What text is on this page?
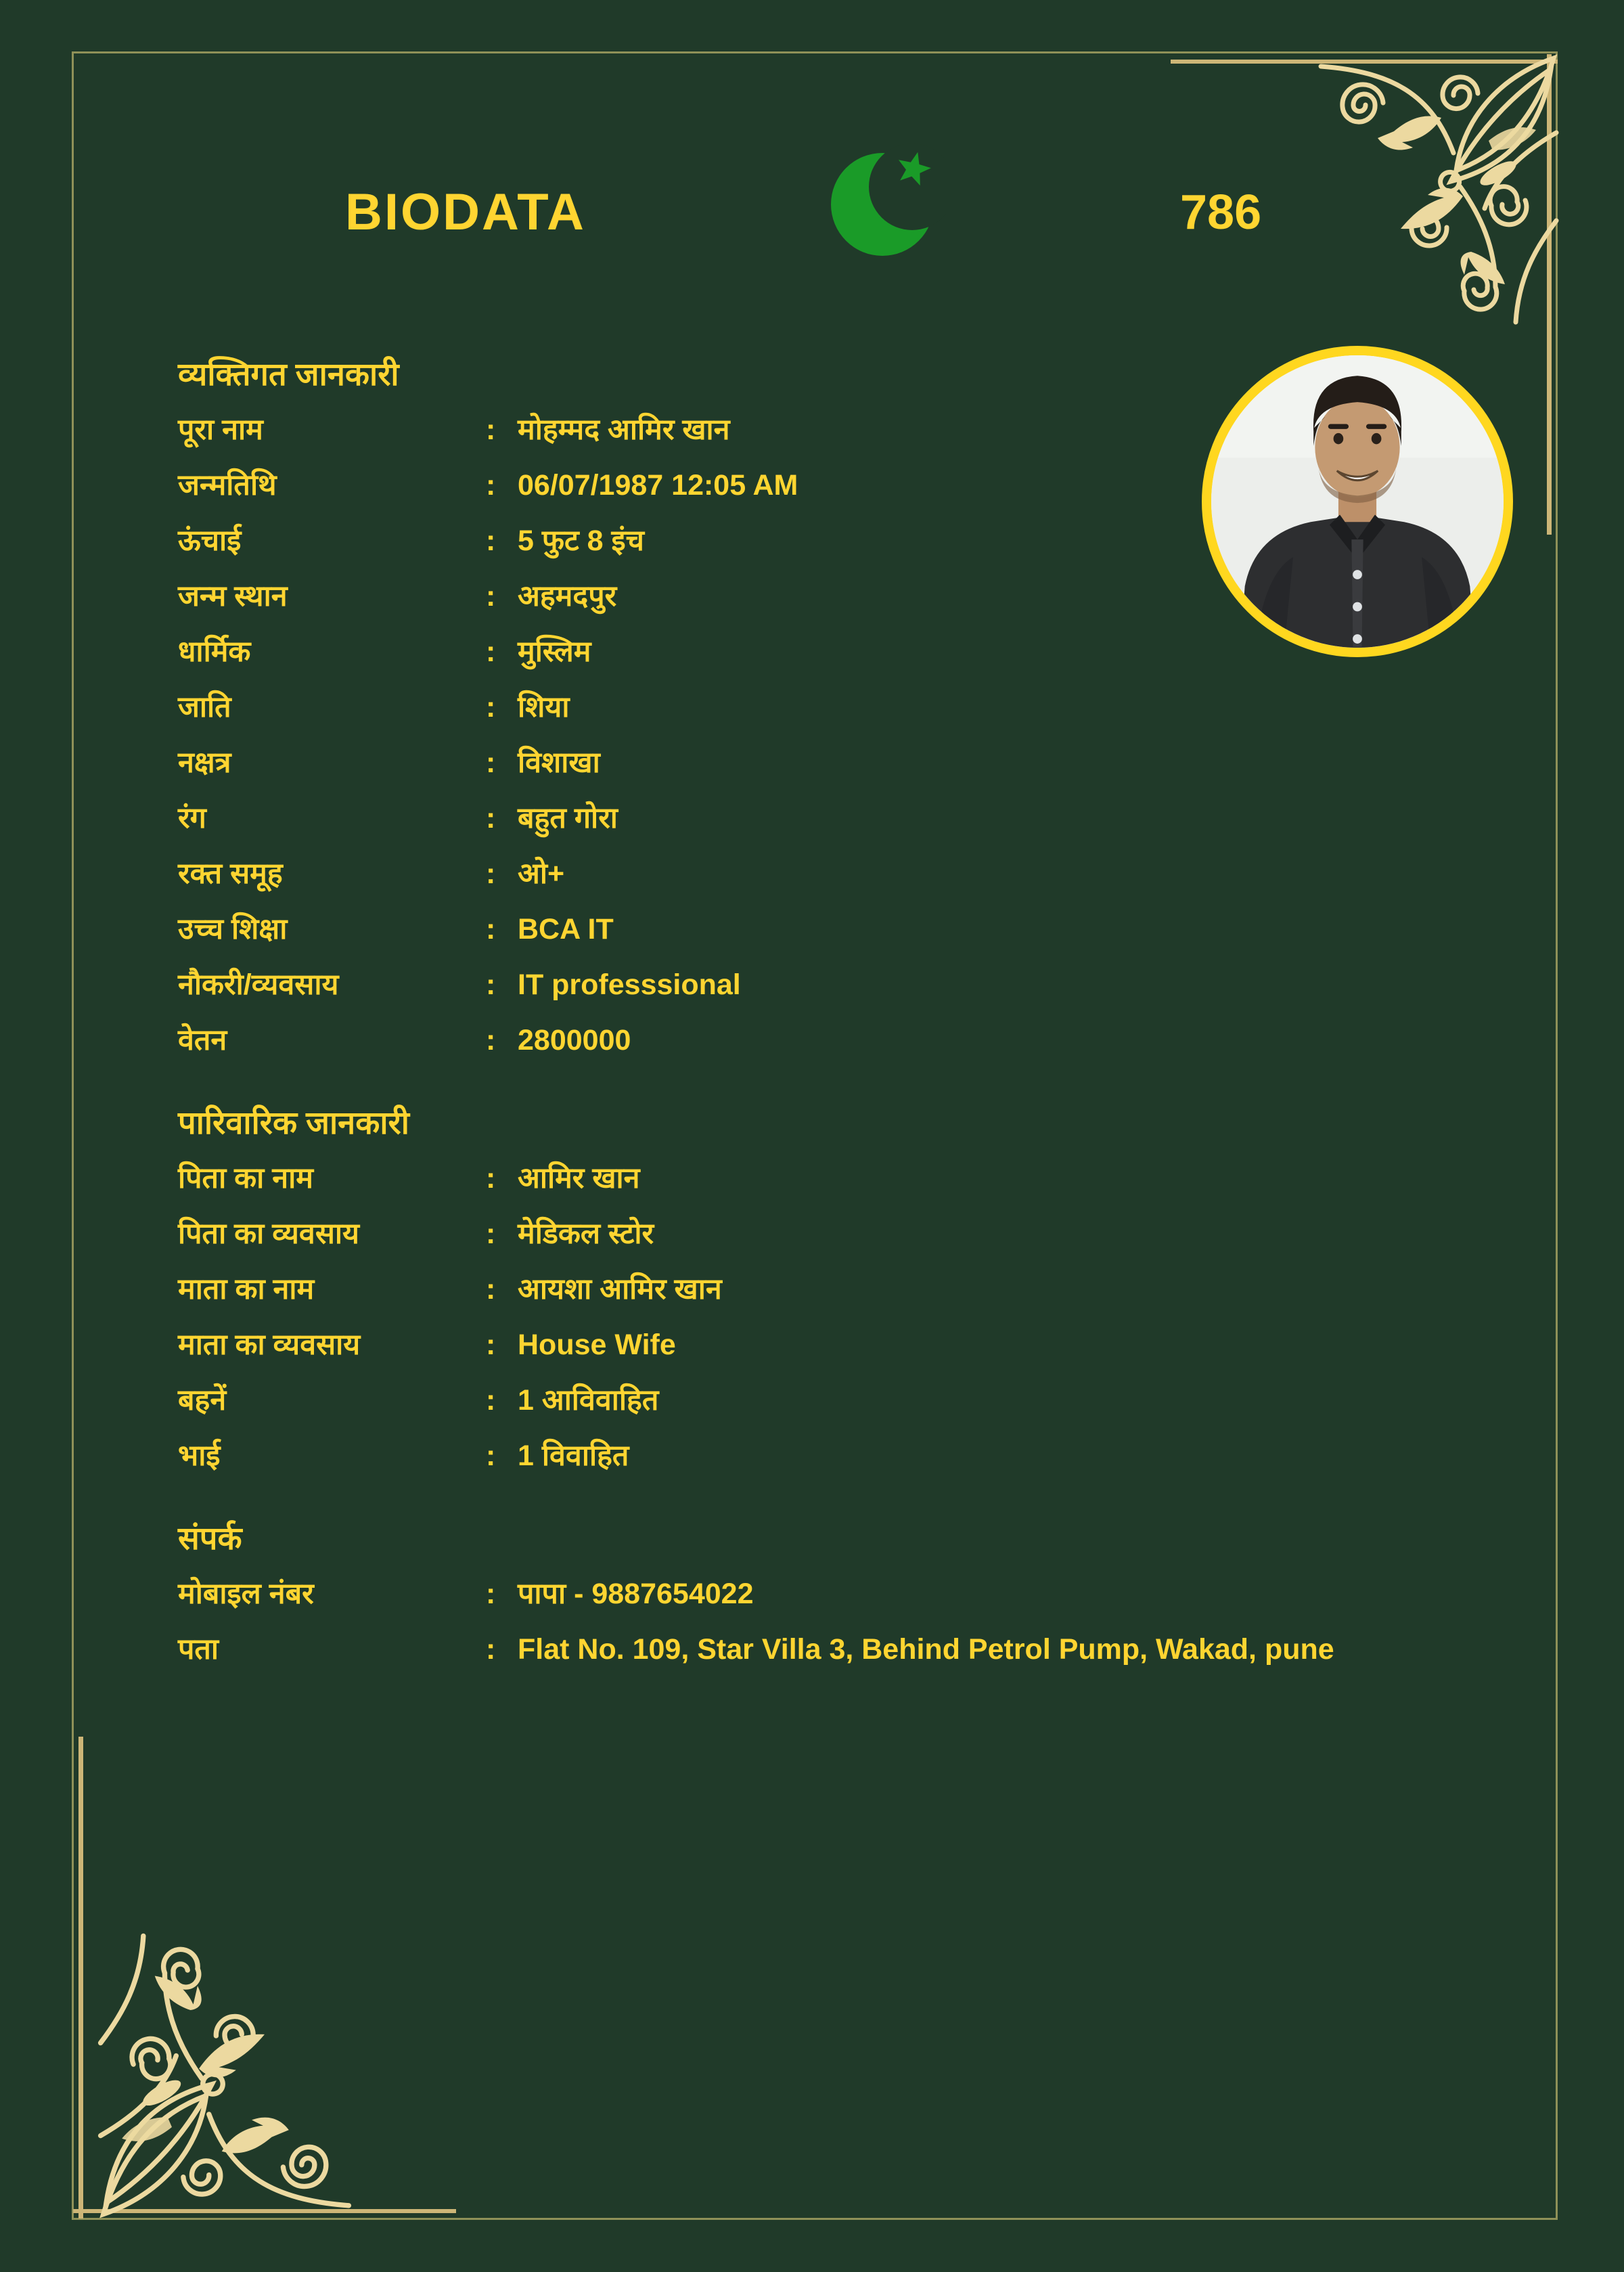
BIODATA	786
व्यक्तिगत जानकारी
पूरा नाम	: मोहम्मद आमिर खान
जन्मतिथि	: 06/07/1987 12:05 AM
ऊंचाई	: 5 फुट 8 इंच
जन्म स्थान	: अहमदपुर
धार्मिक	: मुस्लिम
जाति	: शिया
नक्षत्र	: विशाखा
रंग	: बहुत गोरा
रक्त समूह	: ओ+
उच्च शिक्षा	: BCA IT
नौकरी/व्यवसाय	: IT professsional
वेतन	: 2800000
पारिवारिक जानकारी
पिता का नाम	: आमिर खान
पिता का व्यवसाय	: मेडिकल स्टोर
माता का नाम	: आयशा आमिर खान
माता का व्यवसाय	: House Wife
बहनें	: 1 आविवाहित
भाई	: 1 विवाहित
संपर्क
मोबाइल नंबर	: पापा - 9887654022
पता	: Flat No. 109, Star Villa 3, Behind Petrol Pump, Wakad, pune
